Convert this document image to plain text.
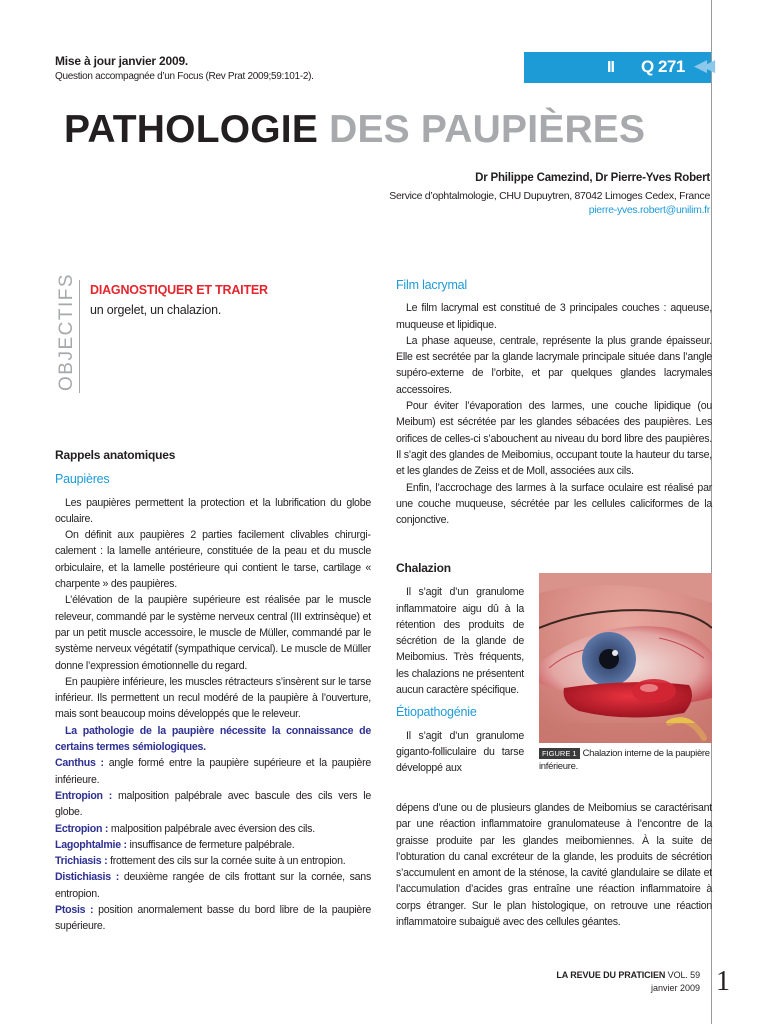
Mise à jour janvier 2009.
Question accompagnée d’un Focus (Rev Prat 2009;59:101-2).
II Q 271 ◀◀
PATHOLOGIE DES PAUPIÈRES
Dr Philippe Camezind, Dr Pierre-Yves Robert
Service d’ophtalmologie, CHU Dupuytren, 87042 Limoges Cedex, France
pierre-yves.robert@unilim.fr
OBJECTIFS DIAGNOSTIQUER ET TRAITER
un orgelet, un chalazion.
Rappels anatomiques
Paupières

Les paupières permettent la protection et la lubrification du globe oculaire.

On définit aux paupières 2 parties facilement clivables chirurgicalement : la lamelle antérieure, constituée de la peau et du muscle orbiculaire, et la lamelle postérieure qui contient le tarse, cartilage « charpente » des paupières.

L’élévation de la paupière supérieure est réalisée par le muscle releveur, commandé par le système nerveux central (III extrinsèque) et par un petit muscle accessoire, le muscle de Müller, commandé par le système nerveux végétatif (sympathique cervical). Le muscle de Müller donne l’expression émotionnelle du regard.

En paupière inférieure, les muscles rétracteurs s’insèrent sur le tarse inférieur. Ils permettent un recul modéré de la paupière à l’ouverture, mais sont beaucoup moins développés que le releveur.

La pathologie de la paupière nécessite la connaissance de certains termes sémiologiques.

Canthus : angle formé entre la paupière supérieure et la paupière inférieure.

Entropion : malposition palpébrale avec bascule des cils vers le globe.

Ectropion : malposition palpébrale avec éversion des cils.

Lagophtalmie : insuffisance de fermeture palpébrale.

Trichiasis : frottement des cils sur la cornée suite à un entropion.

Distichiasis : deuxième rangée de cils frottant sur la cornée, sans entropion.

Ptosis : position anormalement basse du bord libre de la paupière supérieure.

Film lacrymal

Le film lacrymal est constitué de 3 principales couches : aqueuse, muqueuse et lipidique.

La phase aqueuse, centrale, représente la plus grande épaisseur. Elle est secrétée par la glande lacrymale principale située dans l’angle supéro-externe de l’orbite, et par quelques glandes lacrymales accessoires.

Pour éviter l’évaporation des larmes, une couche lipidique (ou Meibum) est sécrétée par les glandes sébacées des paupières. Les orifices de celles-ci s’abouchent au niveau du bord libre des paupières. Il s’agit des glandes de Meibomius, occupant toute la hauteur du tarse, et les glandes de Zeiss et de Moll, associées aux cils.

Enfin, l’accrochage des larmes à la surface oculaire est réalisé par une couche muqueuse, sécrétée par les cellules caliciformes de la conjonctive.

Chalazion

Il s’agit d’un granulome inflammatoire aigu dû à la rétention des produits de sécrétion de la glande de Meibomius. Très fréquents, les chalazions ne présentent aucun caractère spécifique.

Étiopathogénie

Il s’agit d’un granulome giganto-folliculaire du tarse développé aux

dépens d’une ou de plusieurs glandes de Meibomius se caractérisant par une réaction inflammatoire granulomateuse à l’encontre de la graisse produite par les glandes meibomiennes. À la suite de l’obturation du canal excréteur de la glande, les produits de sécrétion s’accumulent en amont de la sténose, la cavité glandulaire se dilate et l’accumulation d’acides gras entraîne une réaction inflammatoire à corps étranger. Sur le plan histologique, on retrouve une réaction inflammatoire subaiguë avec des cellules géantes.

FIGURE 1 Chalazion interne de la paupière inférieure.
LA REVUE DU PRATICIEN VOL. 59
janvier 2009 1
